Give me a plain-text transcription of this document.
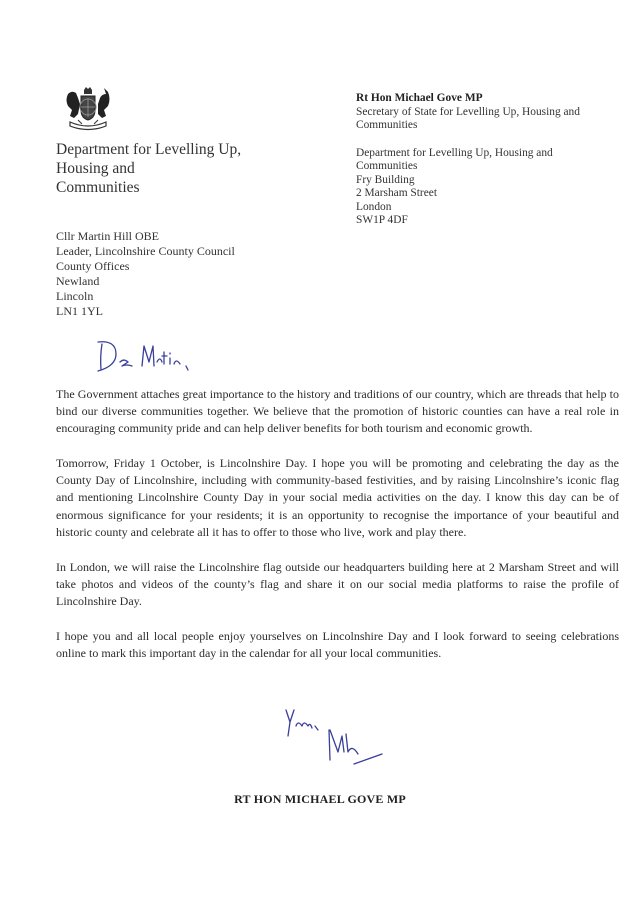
Department for Levelling Up,
Housing and
Communities
Rt Hon Michael Gove MP
Secretary of State for Levelling Up, Housing and
Communities
Department for Levelling Up, Housing and
Communities
Fry Building
2 Marsham Street
London
SW1P 4DF
Cllr Martin Hill OBE
Leader, Lincolnshire County Council
County Offices
Newland
Lincoln
LN1 1YL

The Government attaches great importance to the history and traditions of our country, which are threads that help to bind our diverse communities together. We believe that the promotion of historic counties can have a real role in encouraging community pride and can help deliver benefits for both tourism and economic growth.

Tomorrow, Friday 1 October, is Lincolnshire Day. I hope you will be promoting and celebrating the day as the County Day of Lincolnshire, including with community-based festivities, and by raising Lincolnshire’s iconic flag and mentioning Lincolnshire County Day in your social media activities on the day. I know this day can be of enormous significance for your residents; it is an opportunity to recognise the importance of your beautiful and historic county and celebrate all it has to offer to those who live, work and play there.

In London, we will raise the Lincolnshire flag outside our headquarters building here at 2 Marsham Street and will take photos and videos of the county’s flag and share it on our social media platforms to raise the profile of Lincolnshire Day.

I hope you and all local people enjoy yourselves on Lincolnshire Day and I look forward to seeing celebrations online to mark this important day in the calendar for all your local communities.

RT HON MICHAEL GOVE MP
